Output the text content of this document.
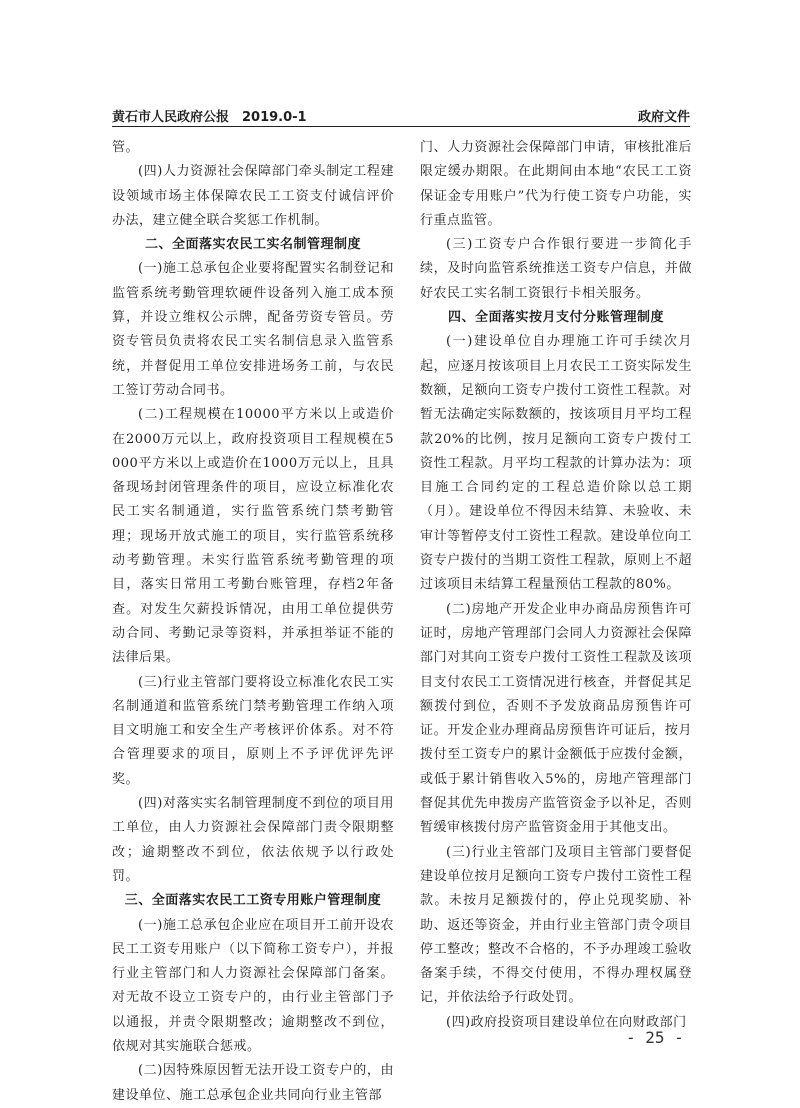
黄石市人民政府公报　2019.0-1	政府文件

管。

(四)人力资源社会保障部门牵头制定工程建设领域市场主体保障农民工工资支付诚信评价办法，建立健全联合奖惩工作机制。

二、全面落实农民工实名制管理制度

(一)施工总承包企业要将配置实名制登记和监管系统考勤管理软硬件设备列入施工成本预算，并设立维权公示牌，配备劳资专管员。劳资专管员负责将农民工实名制信息录入监管系统，并督促用工单位安排进场务工前，与农民工签订劳动合同书。

(二)工程规模在10000平方米以上或造价在2000万元以上，政府投资项目工程规模在5000平方米以上或造价在1000万元以上，且具备现场封闭管理条件的项目，应设立标准化农民工实名制通道，实行监管系统门禁考勤管理；现场开放式施工的项目，实行监管系统移动考勤管理。未实行监管系统考勤管理的项目，落实日常用工考勤台账管理，存档2年备查。对发生欠薪投诉情况，由用工单位提供劳动合同、考勤记录等资料，并承担举证不能的法律后果。

(三)行业主管部门要将设立标准化农民工实名制通道和监管系统门禁考勤管理工作纳入项目文明施工和安全生产考核评价体系。对不符合管理要求的项目，原则上不予评优评先评奖。

(四)对落实实名制管理制度不到位的项目用工单位，由人力资源社会保障部门责令限期整改；逾期整改不到位，依法依规予以行政处罚。

三、全面落实农民工工资专用账户管理制度

(一)施工总承包企业应在项目开工前开设农民工工资专用账户（以下简称工资专户），并报行业主管部门和人力资源社会保障部门备案。对无故不设立工资专户的，由行业主管部门予以通报，并责令限期整改；逾期整改不到位，依规对其实施联合惩戒。

(二)因特殊原因暂无法开设工资专户的，由建设单位、施工总承包企业共同向行业主管部

门、人力资源社会保障部门申请，审核批准后限定缓办期限。在此期间由本地“农民工工资保证金专用账户”代为行使工资专户功能，实行重点监管。

(三)工资专户合作银行要进一步简化手续，及时向监管系统推送工资专户信息，并做好农民工实名制工资银行卡相关服务。

四、全面落实按月支付分账管理制度

(一)建设单位自办理施工许可手续次月起，应逐月按该项目上月农民工工资实际发生数额，足额向工资专户拨付工资性工程款。对暂无法确定实际数额的，按该项目月平均工程款20%的比例，按月足额向工资专户拨付工资性工程款。月平均工程款的计算办法为：项目施工合同约定的工程总造价除以总工期（月）。建设单位不得因未结算、未验收、未审计等暂停支付工资性工程款。建设单位向工资专户拨付的当期工资性工程款，原则上不超过该项目未结算工程量预估工程款的80%。

(二)房地产开发企业申办商品房预售许可证时，房地产管理部门会同人力资源社会保障部门对其向工资专户拨付工资性工程款及该项目支付农民工工资情况进行核查，并督促其足额拨付到位，否则不予发放商品房预售许可证。开发企业办理商品房预售许可证后，按月拨付至工资专户的累计金额低于应拨付金额，或低于累计销售收入5%的，房地产管理部门督促其优先申拨房产监管资金予以补足，否则暂缓审核拨付房产监管资金用于其他支出。

(三)行业主管部门及项目主管部门要督促建设单位按月足额向工资专户拨付工资性工程款。未按月足额拨付的，停止兑现奖励、补助、返还等资金，并由行业主管部门责令项目停工整改；整改不合格的，不予办理竣工验收备案手续，不得交付使用，不得办理权属登记，并依法给予行政处罚。

(四)政府投资项目建设单位在向财政部门

- 25 -
